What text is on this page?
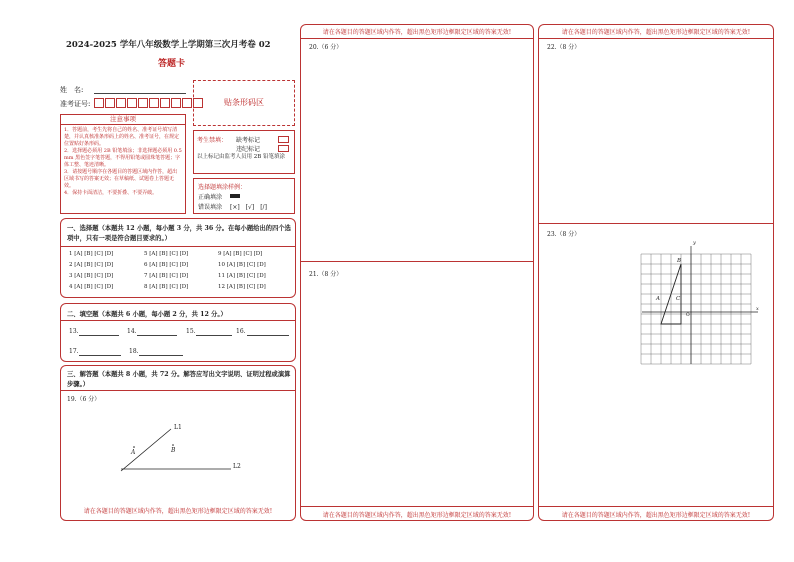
2024-2025 学年八年级数学上学期第三次月考卷 02
答题卡
姓　名:
准考证号:	贴条形码区
注意事项
1．答题前，考生先将自己的姓名、准考证号填写清楚，并认真核准条形码上的姓名、准考证号，在规定位置贴好条形码。
2．选择题必须用 2B 铅笔填涂；非选择题必须用 0.5 mm 黑色签字笔答题，不得用铅笔或圆珠笔答题；字体工整、笔迹清晰。
3．请按题号顺序在各题目的答题区域内作答，超出区域书写的答案无效；在草稿纸、试题卷上答题无效。
4．保持卡面清洁，不要折叠、不要弄破。
考生禁填： 缺考标记
违纪标记
以上标记由监考人员用 2B 铅笔填涂
选择题填涂样例：
正确填涂
错误填涂 [×]　[√]　[/]
一、选择题（本题共 12 小题，每小题 3 分，共 36 分。在每小题给出的四个选项中，只有一项是符合题目要求的。）
1 [A] [B] [C] [D]	5 [A] [B] [C] [D]	9 [A] [B] [C] [D]
2 [A] [B] [C] [D]	6 [A] [B] [C] [D]	10 [A] [B] [C] [D]
3 [A] [B] [C] [D]	7 [A] [B] [C] [D]	11 [A] [B] [C] [D]
4 [A] [B] [C] [D]	8 [A] [B] [C] [D]	12 [A] [B] [C] [D]
二、填空题（本题共 6 小题，每小题 2 分，共 12 分。）
13.	14.	15.	16.
17.	18.
三、解答题（本题共 8 小题，共 72 分。解答应写出文字说明、证明过程或演算步骤。）
19.（6 分）
L1
L2
A	B
请在各题目的答题区域内作答，超出黑色矩形边框限定区域的答案无效!
20.（6 分）
21.（8 分）
请在各题目的答题区域内作答，超出黑色矩形边框限定区域的答案无效!
请在各题目的答题区域内作答，超出黑色矩形边框限定区域的答案无效!
22.（8 分）
23.（8 分）
请在各题目的答题区域内作答，超出黑色矩形边框限定区域的答案无效!
请在各题目的答题区域内作答，超出黑色矩形边框限定区域的答案无效!
B
A	C
x
y
O
